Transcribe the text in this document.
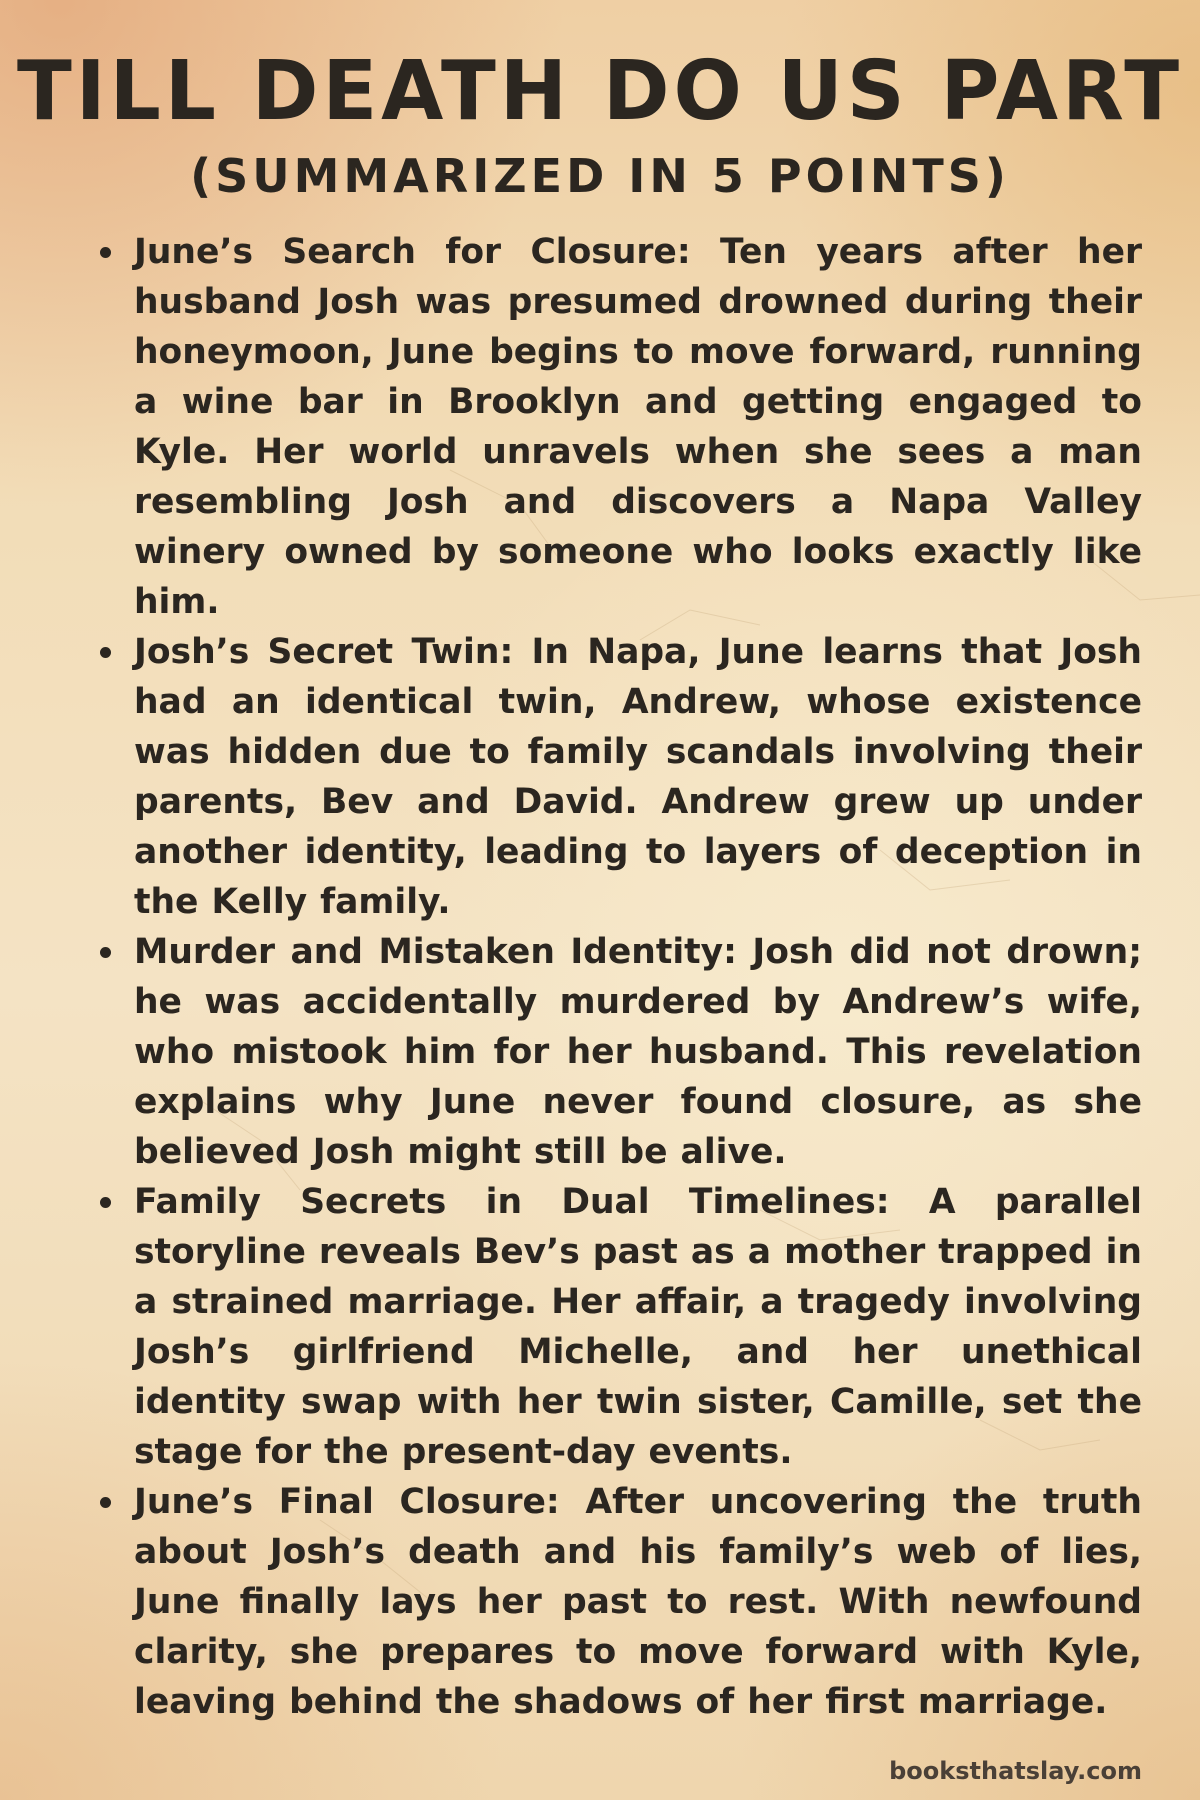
TILL DEATH DO US PART
(SUMMARIZED IN 5 POINTS)
June’s Search for Closure: Ten years after her husband Josh was presumed drowned during their honeymoon, June begins to move forward, running a wine bar in Brooklyn and getting engaged to Kyle. Her world unravels when she sees a man resembling Josh and discovers a Napa Valley winery owned by someone who looks exactly like him.
Josh’s Secret Twin: In Napa, June learns that Josh had an identical twin, Andrew, whose existence was hidden due to family scandals involving their parents, Bev and David. Andrew grew up under another identity, leading to layers of deception in the Kelly family.
Murder and Mistaken Identity: Josh did not drown; he was accidentally murdered by Andrew’s wife, who mistook him for her husband. This revelation explains why June never found closure, as she believed Josh might still be alive.
Family Secrets in Dual Timelines: A parallel storyline reveals Bev’s past as a mother trapped in a strained marriage. Her affair, a tragedy involving Josh’s girlfriend Michelle, and her unethical identity swap with her twin sister, Camille, set the stage for the present-day events.
June’s Final Closure: After uncovering the truth about Josh’s death and his family’s web of lies, June finally lays her past to rest. With newfound clarity, she prepares to move forward with Kyle, leaving behind the shadows of her first marriage.
booksthatslay.com
